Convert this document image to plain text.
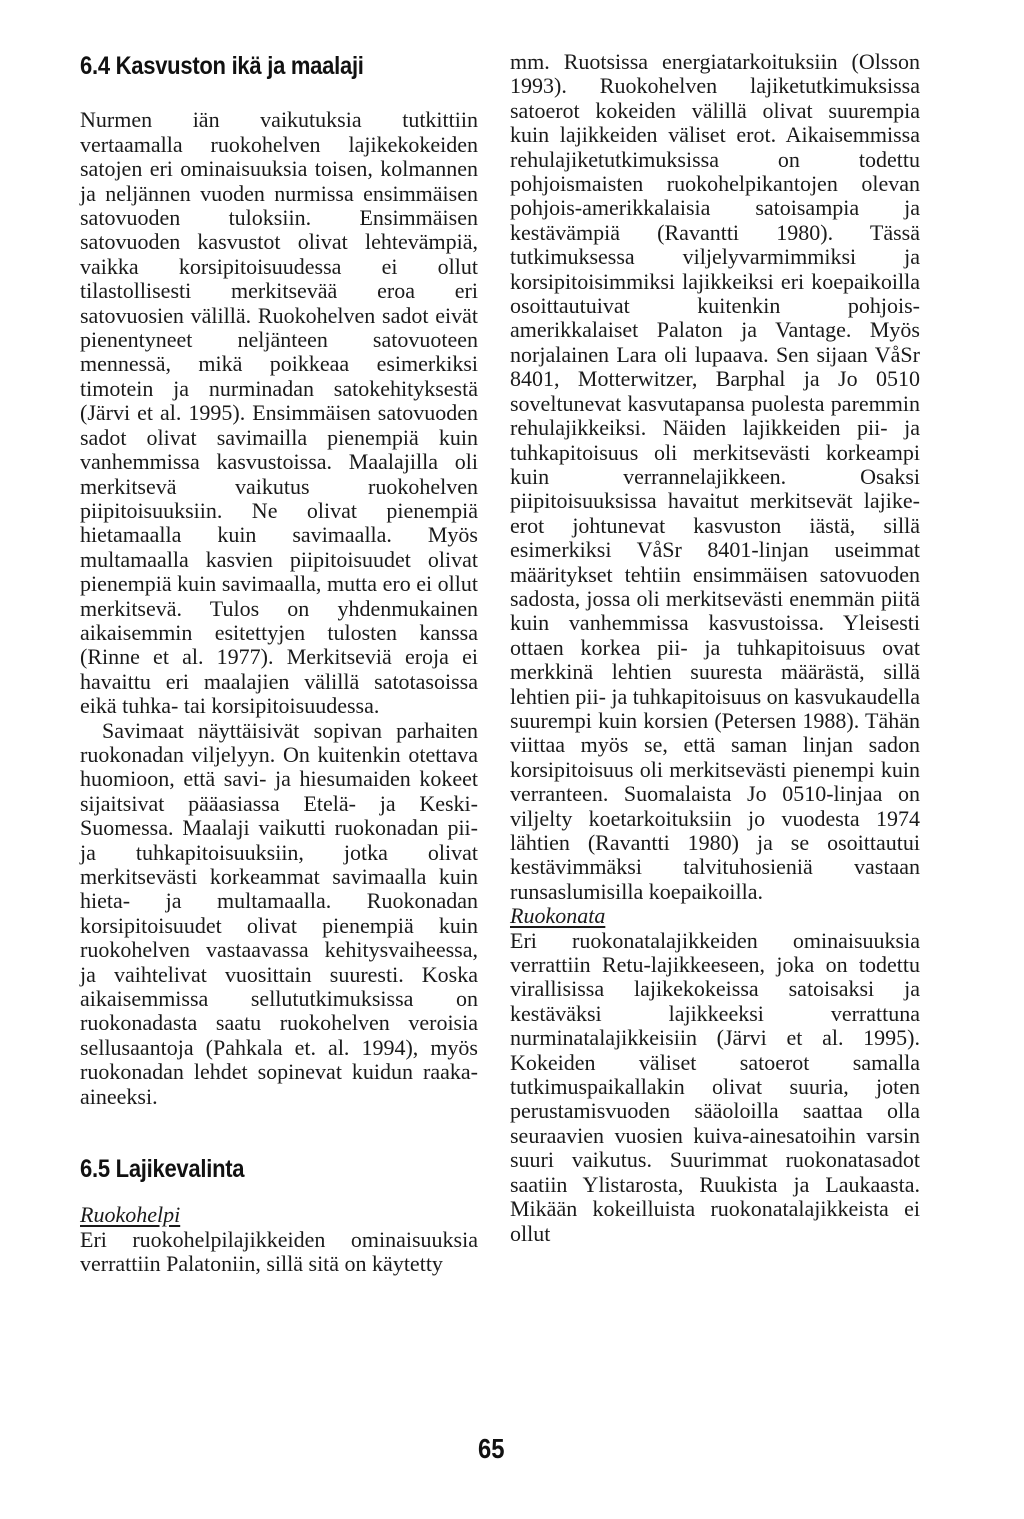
6.4 Kasvuston ikä ja maalaji

Nurmen iän vaikutuksia tutkittiin vertaamalla ruokohelven lajikekokeiden satojen eri ominaisuuksia toisen, kolmannen ja neljännen vuoden nurmissa ensimmäisen satovuoden tuloksiin. Ensimmäisen satovuoden kasvustot olivat lehtevämpiä, vaikka korsipitoisuudessa ei ollut tilastollisesti merkitsevää eroa eri satovuosien välillä. Ruokohelven sadot eivät pienentyneet neljänteen satovuoteen mennessä, mikä poikkeaa esimerkiksi timotein ja nurminadan satokehityksestä (Järvi et al. 1995). Ensimmäisen satovuoden sadot olivat savimailla pienempiä kuin vanhemmissa kasvustoissa. Maalajilla oli merkitsevä vaikutus ruokohelven piipitoisuuksiin. Ne olivat pienempiä hietamaalla kuin savimaalla. Myös multamaalla kasvien piipitoisuudet olivat pienempiä kuin savimaalla, mutta ero ei ollut merkitsevä. Tulos on yhdenmukainen aikaisemmin esitettyjen tulosten kanssa (Rinne et al. 1977). Merkitseviä eroja ei havaittu eri maalajien välillä satotasoissa eikä tuhka- tai korsipitoisuudessa.

Savimaat näyttäisivät sopivan parhaiten ruokonadan viljelyyn. On kuitenkin otettava huomioon, että savi- ja hiesumaiden kokeet sijaitsivat pääasiassa Etelä- ja Keski-Suomessa. Maalaji vaikutti ruokonadan pii- ja tuhkapitoisuuksiin, jotka olivat merkitsevästi korkeammat savimaalla kuin hieta- ja multamaalla. Ruokonadan korsipitoisuudet olivat pienempiä kuin ruokohelven vastaavassa kehitysvaiheessa, ja vaihtelivat vuosittain suuresti. Koska aikaisemmissa sellututkimuksissa on ruokonadasta saatu ruokohelven veroisia sellusaantoja (Pahkala et. al. 1994), myös ruokonadan lehdet sopinevat kuidun raaka-aineeksi.

6.5 Lajikevalinta

Ruokohelpi

Eri ruokohelpilajikkeiden ominaisuuksia verrattiin Palatoniin, sillä sitä on käytetty

mm. Ruotsissa energiatarkoituksiin (Olsson 1993). Ruokohelven lajiketutkimuksissa satoerot kokeiden välillä olivat suurempia kuin lajikkeiden väliset erot. Aikaisemmissa rehulajiketutkimuksissa on todettu pohjoismaisten ruokohelpikantojen olevan pohjois-amerikkalaisia satoisampia ja kestävämpiä (Ravantti 1980). Tässä tutkimuksessa viljelyvarmimmiksi ja korsipitoisimmiksi lajikkeiksi eri koepaikoilla osoittautuivat kuitenkin pohjois-amerikkalaiset Palaton ja Vantage. Myös norjalainen Lara oli lupaava. Sen sijaan VåSr 8401, Motterwitzer, Barphal ja Jo 0510 soveltunevat kasvutapansa puolesta paremmin rehulajikkeiksi. Näiden lajikkeiden pii- ja tuhkapitoisuus oli merkitsevästi korkeampi kuin verrannelajikkeen. Osaksi piipitoisuuksissa havaitut merkitsevät lajike-erot johtunevat kasvuston iästä, sillä esimerkiksi VåSr 8401-linjan useimmat määritykset tehtiin ensimmäisen satovuoden sadosta, jossa oli merkitsevästi enemmän piitä kuin vanhemmissa kasvustoissa. Yleisesti ottaen korkea pii- ja tuhkapitoisuus ovat merkkinä lehtien suuresta määrästä, sillä lehtien pii- ja tuhkapitoisuus on kasvukaudella suurempi kuin korsien (Petersen 1988). Tähän viittaa myös se, että saman linjan sadon korsipitoisuus oli merkitsevästi pienempi kuin verranteen. Suomalaista Jo 0510-linjaa on viljelty koetarkoituksiin jo vuodesta 1974 lähtien (Ravantti 1980) ja se osoittautui kestävimmäksi talvituhosieniä vastaan runsaslumisilla koepaikoilla.

Ruokonata

Eri ruokonatalajikkeiden ominaisuuksia verrattiin Retu-lajikkeeseen, joka on todettu virallisissa lajikekokeissa satoisaksi ja kestäväksi lajikkeeksi verrattuna nurminatalajikkeisiin (Järvi et al. 1995). Kokeiden väliset satoerot samalla tutkimuspaikallakin olivat suuria, joten perustamisvuoden sääoloilla saattaa olla seuraavien vuosien kuiva-ainesatoihin varsin suuri vaikutus. Suurimmat ruokonatasadot saatiin Ylistarosta, Ruukista ja Laukaasta. Mikään kokeilluista ruokonatalajikkeista ei ollut

65
